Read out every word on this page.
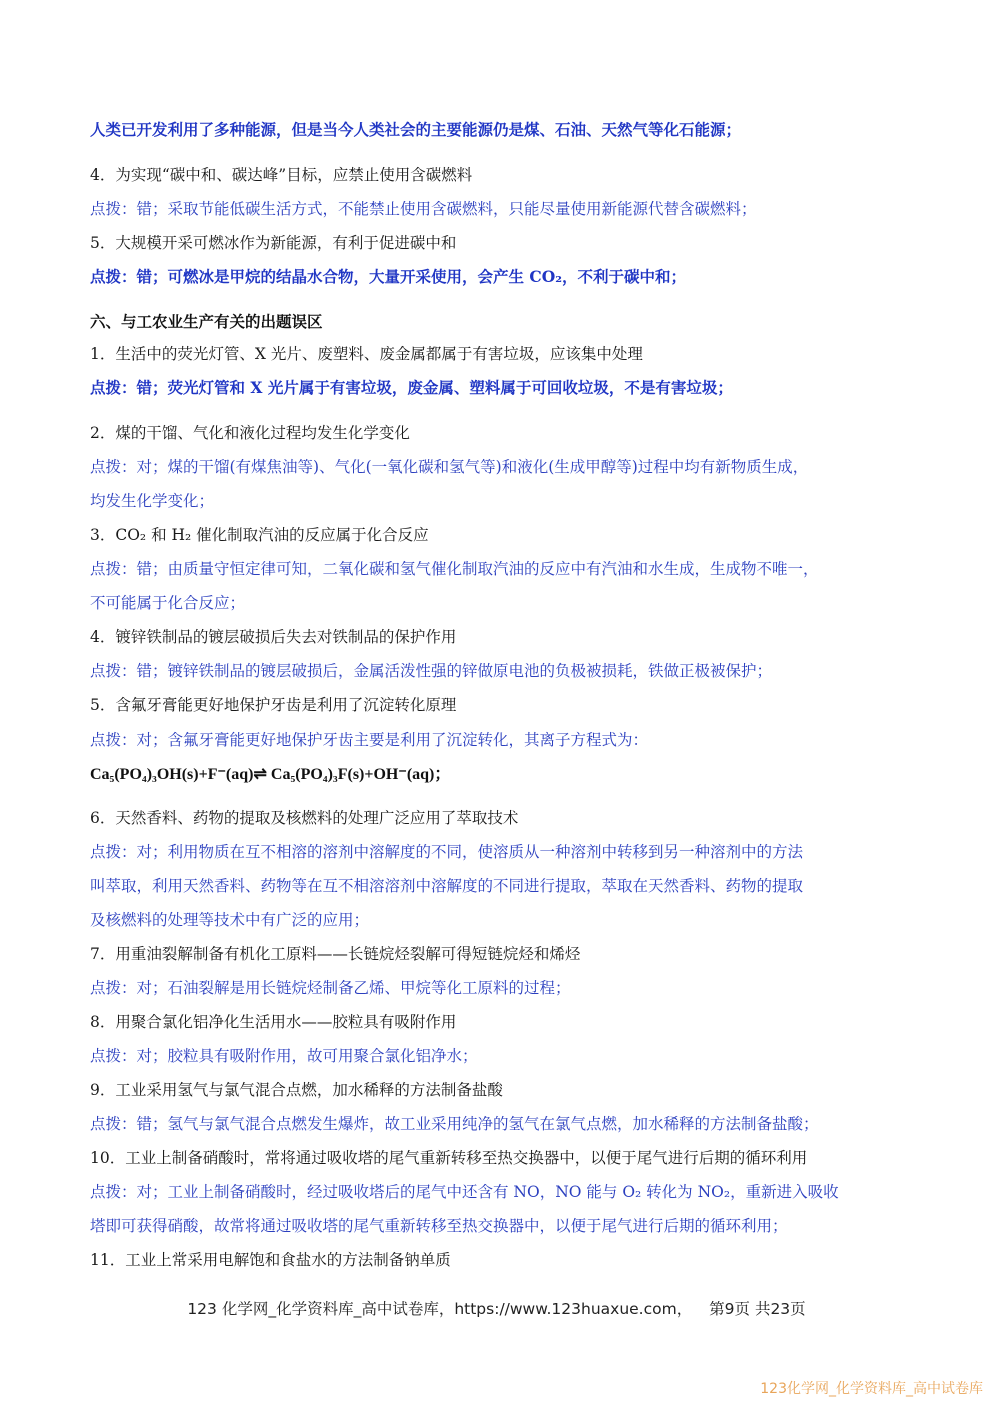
人类已开发利用了多种能源，但是当今人类社会的主要能源仍是煤、石油、天然气等化石能源；
4．为实现“碳中和、碳达峰”目标，应禁止使用含碳燃料
点拨：错；采取节能低碳生活方式，不能禁止使用含碳燃料，只能尽量使用新能源代替含碳燃料；
5．大规模开采可燃冰作为新能源，有利于促进碳中和
点拨：错；可燃冰是甲烷的结晶水合物，大量开采使用，会产生 CO₂，不利于碳中和；
六、与工农业生产有关的出题误区
1．生活中的荧光灯管、X 光片、废塑料、废金属都属于有害垃圾，应该集中处理
点拨：错；荧光灯管和 X 光片属于有害垃圾，废金属、塑料属于可回收垃圾，不是有害垃圾；
2．煤的干馏、气化和液化过程均发生化学变化
点拨：对；煤的干馏(有煤焦油等)、气化(一氧化碳和氢气等)和液化(生成甲醇等)过程中均有新物质生成，
均发生化学变化；
3．CO₂ 和 H₂ 催化制取汽油的反应属于化合反应
点拨：错；由质量守恒定律可知，二氧化碳和氢气催化制取汽油的反应中有汽油和水生成，生成物不唯一，
不可能属于化合反应；
4．镀锌铁制品的镀层破损后失去对铁制品的保护作用
点拨：错；镀锌铁制品的镀层破损后，金属活泼性强的锌做原电池的负极被损耗，铁做正极被保护；
5．含氟牙膏能更好地保护牙齿是利用了沉淀转化原理
点拨：对；含氟牙膏能更好地保护牙齿主要是利用了沉淀转化，其离子方程式为：
Ca₅(PO₄)₃OH(s)+F⁻(aq)⇌ Ca₅(PO₄)₃F(s)+OH⁻(aq)；
6．天然香料、药物的提取及核燃料的处理广泛应用了萃取技术
点拨：对；利用物质在互不相溶的溶剂中溶解度的不同，使溶质从一种溶剂中转移到另一种溶剂中的方法
叫萃取，利用天然香料、药物等在互不相溶溶剂中溶解度的不同进行提取，萃取在天然香料、药物的提取
及核燃料的处理等技术中有广泛的应用；
7．用重油裂解制备有机化工原料——长链烷烃裂解可得短链烷烃和烯烃
点拨：对；石油裂解是用长链烷烃制备乙烯、甲烷等化工原料的过程；
8．用聚合氯化铝净化生活用水——胶粒具有吸附作用
点拨：对；胶粒具有吸附作用，故可用聚合氯化铝净水；
9．工业采用氢气与氯气混合点燃，加水稀释的方法制备盐酸
点拨：错；氢气与氯气混合点燃发生爆炸，故工业采用纯净的氢气在氯气点燃，加水稀释的方法制备盐酸；
10．工业上制备硝酸时，常将通过吸收塔的尾气重新转移至热交换器中，以便于尾气进行后期的循环利用
点拨：对；工业上制备硝酸时，经过吸收塔后的尾气中还含有 NO，NO 能与 O₂ 转化为 NO₂，重新进入吸收
塔即可获得硝酸，故常将通过吸收塔的尾气重新转移至热交换器中，以便于尾气进行后期的循环利用；
11．工业上常采用电解饱和食盐水的方法制备钠单质
123 化学网_化学资料库_高中试卷库，https://www.123huaxue.com， 第9页 共23页
123化学网_化学资料库_高中试卷库
